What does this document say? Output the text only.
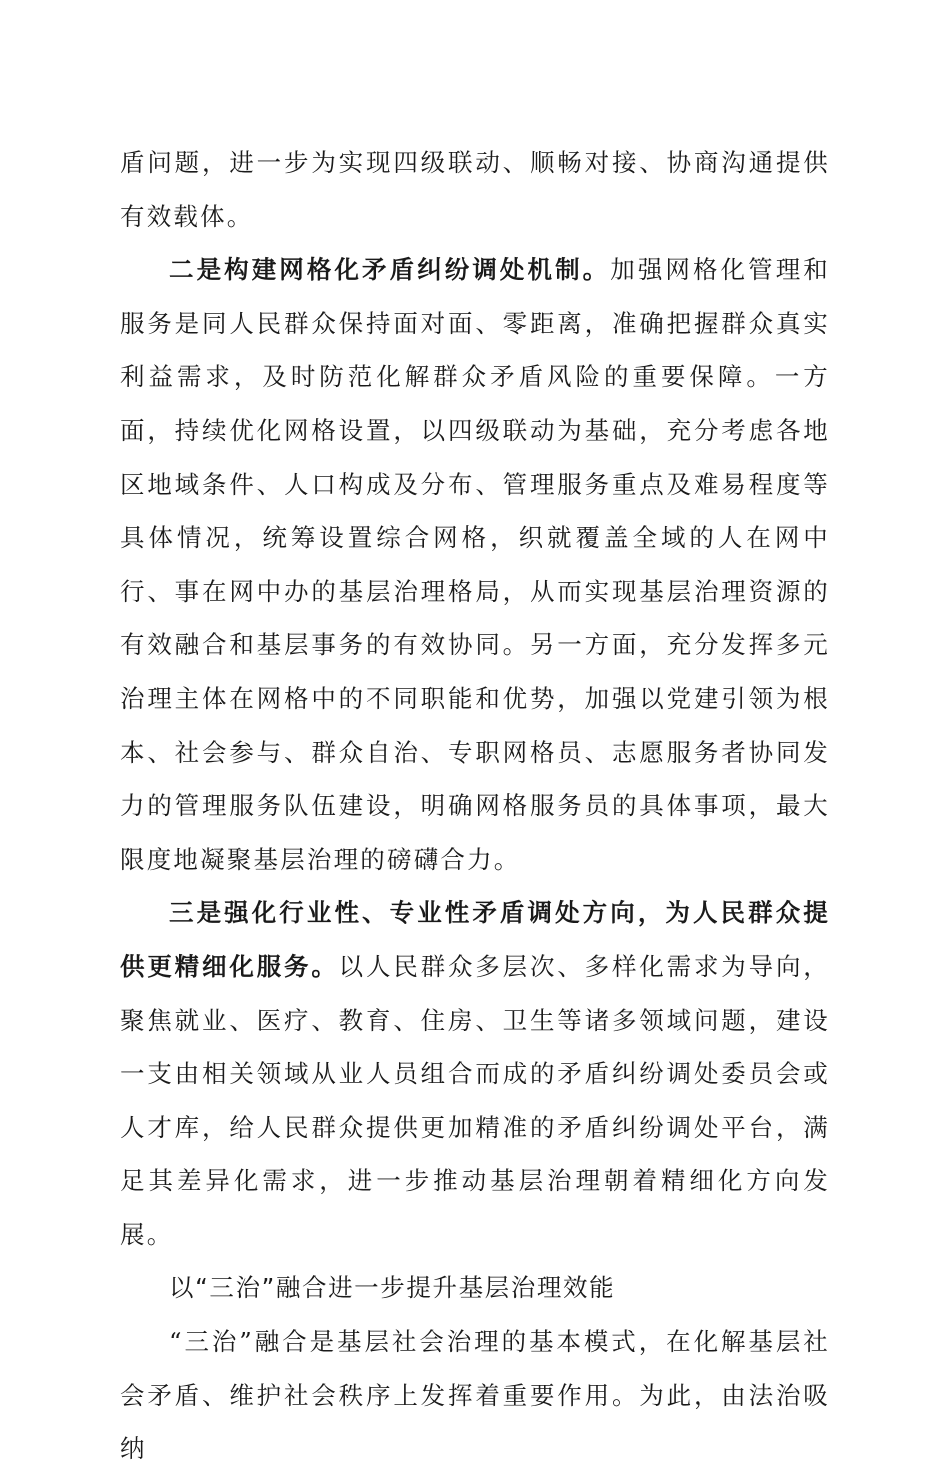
盾问题，进一步为实现四级联动、顺畅对接、协商沟通提供有效载体。

二是构建网格化矛盾纠纷调处机制。加强网格化管理和服务是同人民群众保持面对面、零距离，准确把握群众真实利益需求，及时防范化解群众矛盾风险的重要保障。一方面，持续优化网格设置，以四级联动为基础，充分考虑各地区地域条件、人口构成及分布、管理服务重点及难易程度等具体情况，统筹设置综合网格，织就覆盖全域的人在网中行、事在网中办的基层治理格局，从而实现基层治理资源的有效融合和基层事务的有效协同。另一方面，充分发挥多元治理主体在网格中的不同职能和优势，加强以党建引领为根本、社会参与、群众自治、专职网格员、志愿服务者协同发力的管理服务队伍建设，明确网格服务员的具体事项，最大限度地凝聚基层治理的磅礴合力。

三是强化行业性、专业性矛盾调处方向，为人民群众提供更精细化服务。以人民群众多层次、多样化需求为导向，聚焦就业、医疗、教育、住房、卫生等诸多领域问题，建设一支由相关领域从业人员组合而成的矛盾纠纷调处委员会或人才库，给人民群众提供更加精准的矛盾纠纷调处平台，满足其差异化需求，进一步推动基层治理朝着精细化方向发展。

以“三治”融合进一步提升基层治理效能

“三治”融合是基层社会治理的基本模式，在化解基层社会矛盾、维护社会秩序上发挥着重要作用。为此，由法治吸纳
